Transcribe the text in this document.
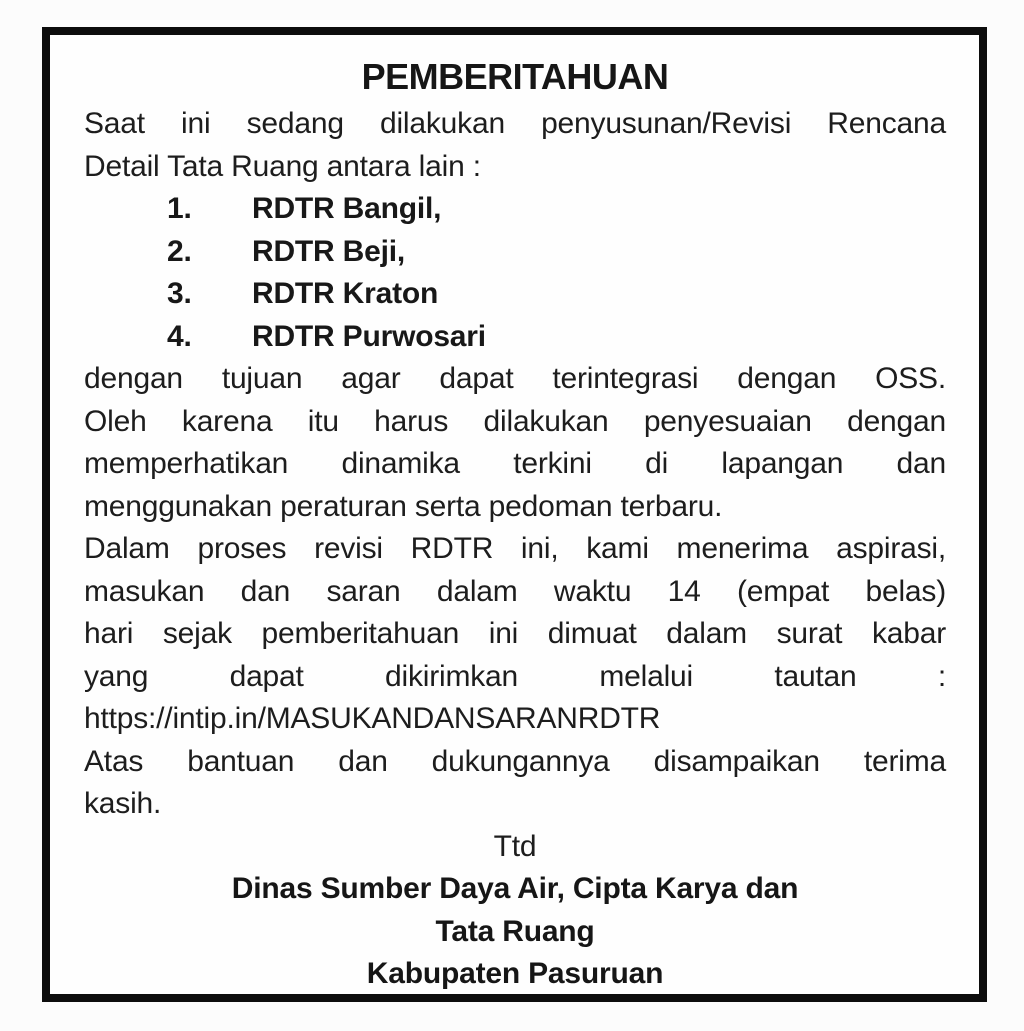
PEMBERITAHUAN
Saat ini sedang dilakukan penyusunan/Revisi Rencana
Detail Tata Ruang antara lain :
1.	RDTR Bangil,
2.	RDTR Beji,
3.	RDTR Kraton
4.	RDTR Purwosari
dengan tujuan agar dapat terintegrasi dengan OSS.
Oleh karena itu harus dilakukan penyesuaian dengan
memperhatikan dinamika terkini di lapangan dan
menggunakan peraturan serta pedoman terbaru.
Dalam proses revisi RDTR ini, kami menerima aspirasi,
masukan dan saran dalam waktu 14 (empat belas)
hari sejak pemberitahuan ini dimuat dalam surat kabar
yang dapat dikirimkan melalui tautan :
https://intip.in/MASUKANDANSARANRDTR
Atas bantuan dan dukungannya disampaikan terima
kasih.
Ttd
Dinas Sumber Daya Air, Cipta Karya dan
Tata Ruang
Kabupaten Pasuruan
